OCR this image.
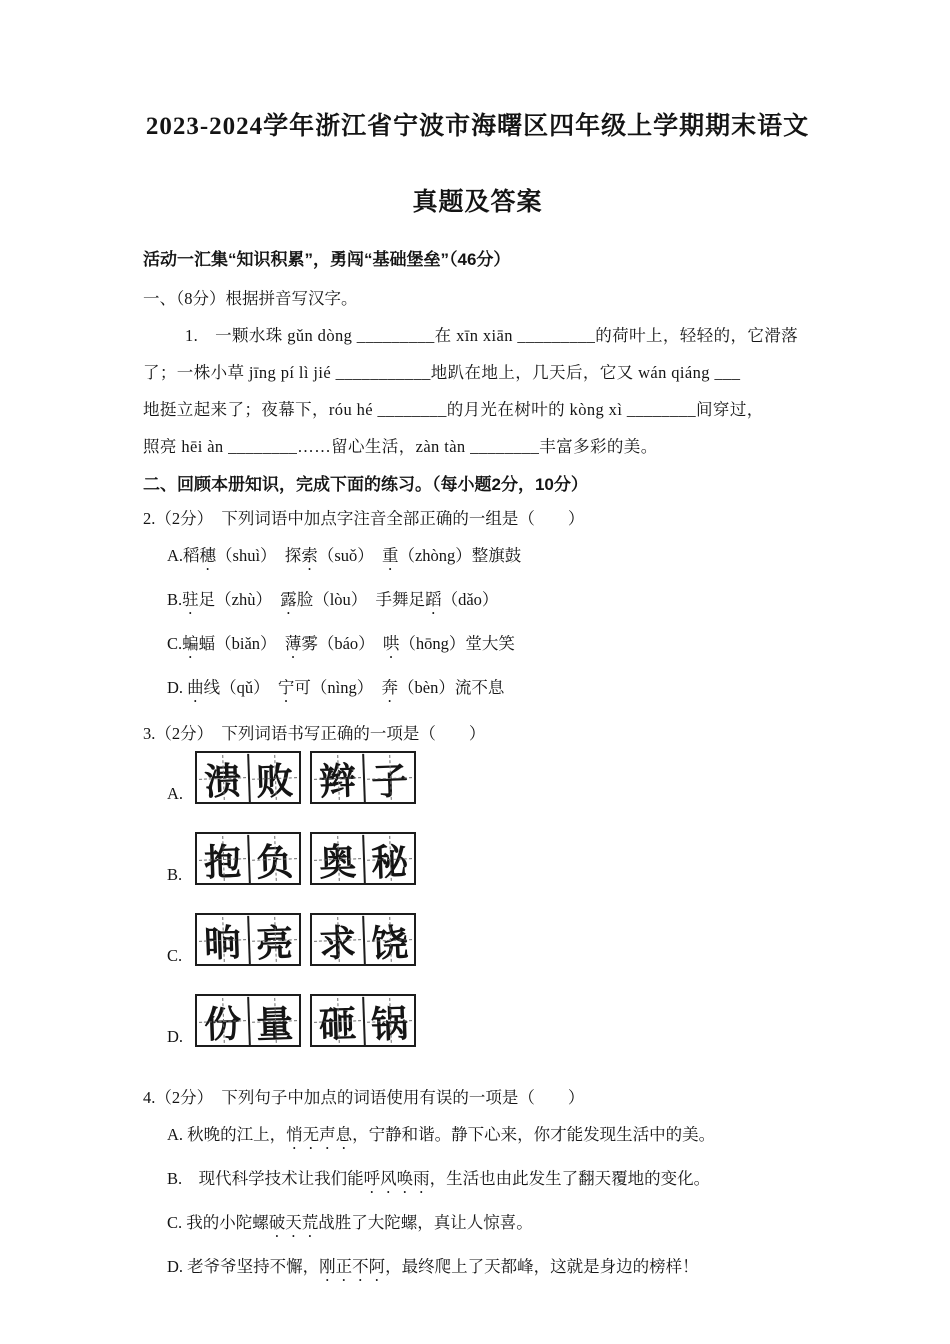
2023-2024学年浙江省宁波市海曙区四年级上学期期末语文
真题及答案
活动一汇集“知识积累”，勇闯“基础堡垒”（46分）
一、（8分）根据拼音写汉字。

1.　一颗水珠 gǔn dòng _________在 xīn xiān _________的荷叶上，轻轻的，它滑落

了；一株小草 jīng pí lì jié ___________地趴在地上，几天后，它又 wán qiáng ___

地挺立起来了；夜幕下，róu hé ________的月光在树叶的 kòng xì ________间穿过，

照亮 hēi àn ________……留心生活，zàn tàn ________丰富多彩的美。

二、回顾本册知识，完成下面的练习。（每小题2分，10分）

2.（2分）　下列词语中加点字注音全部正确的一组是（　　）

A.稻穗（shuì）　探索（suǒ）　重（zhòng）整旗鼓

B.驻足（zhù）　露脸（lòu）　手舞足蹈（dǎo）

C.蝙蝠（biǎn）　薄雾（báo）　哄（hōng）堂大笑

D. 曲线（qǔ）　宁可（nìng）　奔（bèn）流不息

3.（2分）　下列词语书写正确的一项是（　　）

A. 溃 败 辫 子
B. 抱 负 奥 秘
C. 晌 亮 求 饶
D. 份 量 砸 锅

4.（2分）　下列句子中加点的词语使用有误的一项是（　　）

A. 秋晚的江上，悄无声息，宁静和谐。静下心来，你才能发现生活中的美。

B.　现代科学技术让我们能呼风唤雨，生活也由此发生了翻天覆地的变化。

C. 我的小陀螺破天荒战胜了大陀螺，真让人惊喜。

D. 老爷爷坚持不懈，刚正不阿，最终爬上了天都峰，这就是身边的榜样！
